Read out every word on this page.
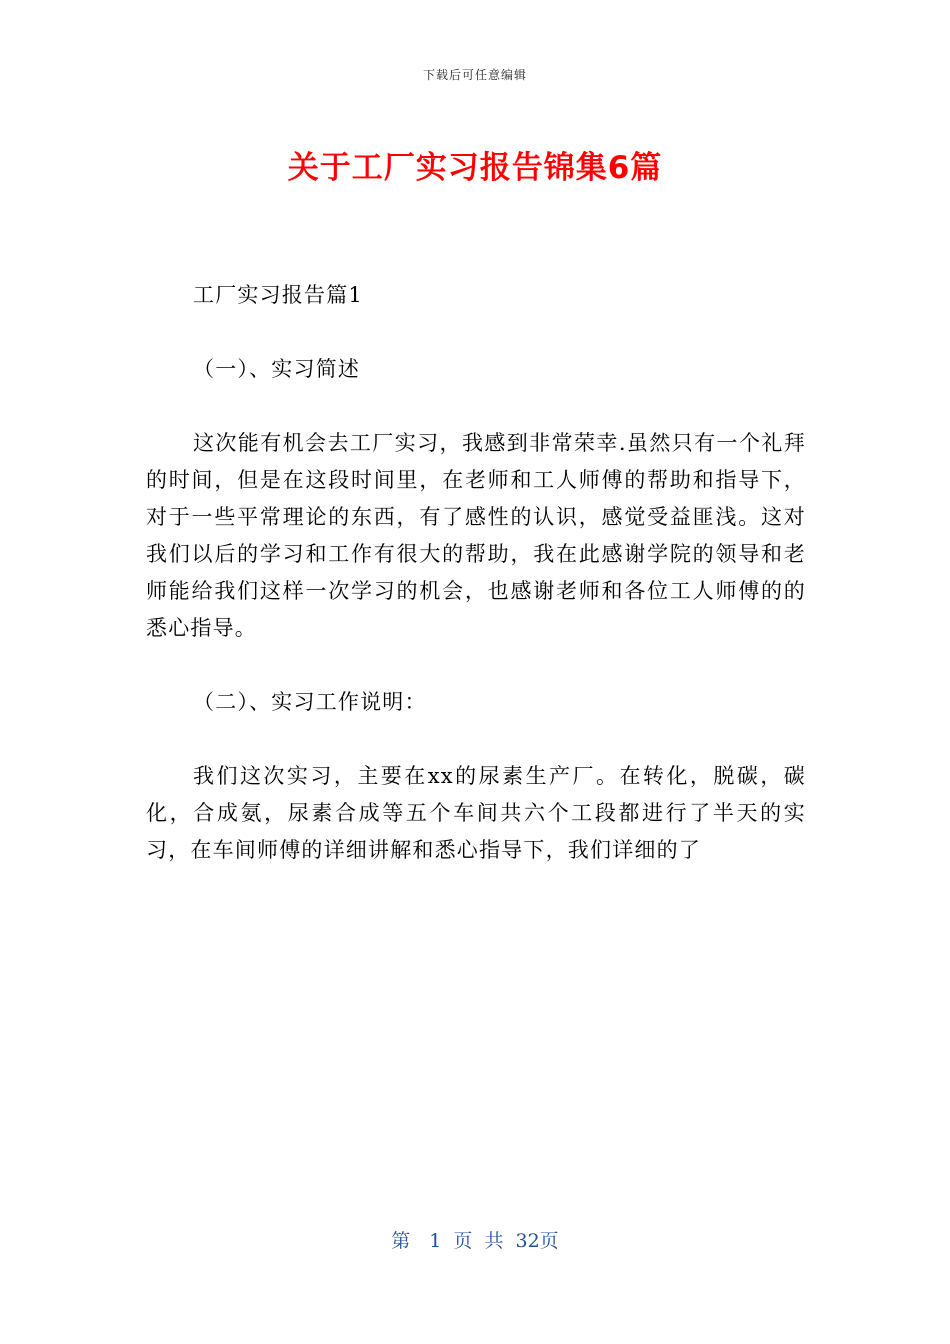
下载后可任意编辑
关于工厂实习报告锦集6篇

工厂实习报告篇1

（一）、实习简述

这次能有机会去工厂实习，我感到非常荣幸.虽然只有一个礼拜的时间，但是在这段时间里，在老师和工人师傅的帮助和指导下，对于一些平常理论的东西，有了感性的认识，感觉受益匪浅。这对我们以后的学习和工作有很大的帮助，我在此感谢学院的领导和老师能给我们这样一次学习的机会，也感谢老师和各位工人师傅的的悉心指导。

（二）、实习工作说明：

我们这次实习，主要在xx的尿素生产厂。在转化，脱碳，碳化，合成氨，尿素合成等五个车间共六个工段都进行了半天的实习，在车间师傅的详细讲解和悉心指导下，我们详细的了

第　1 页 共 32页
